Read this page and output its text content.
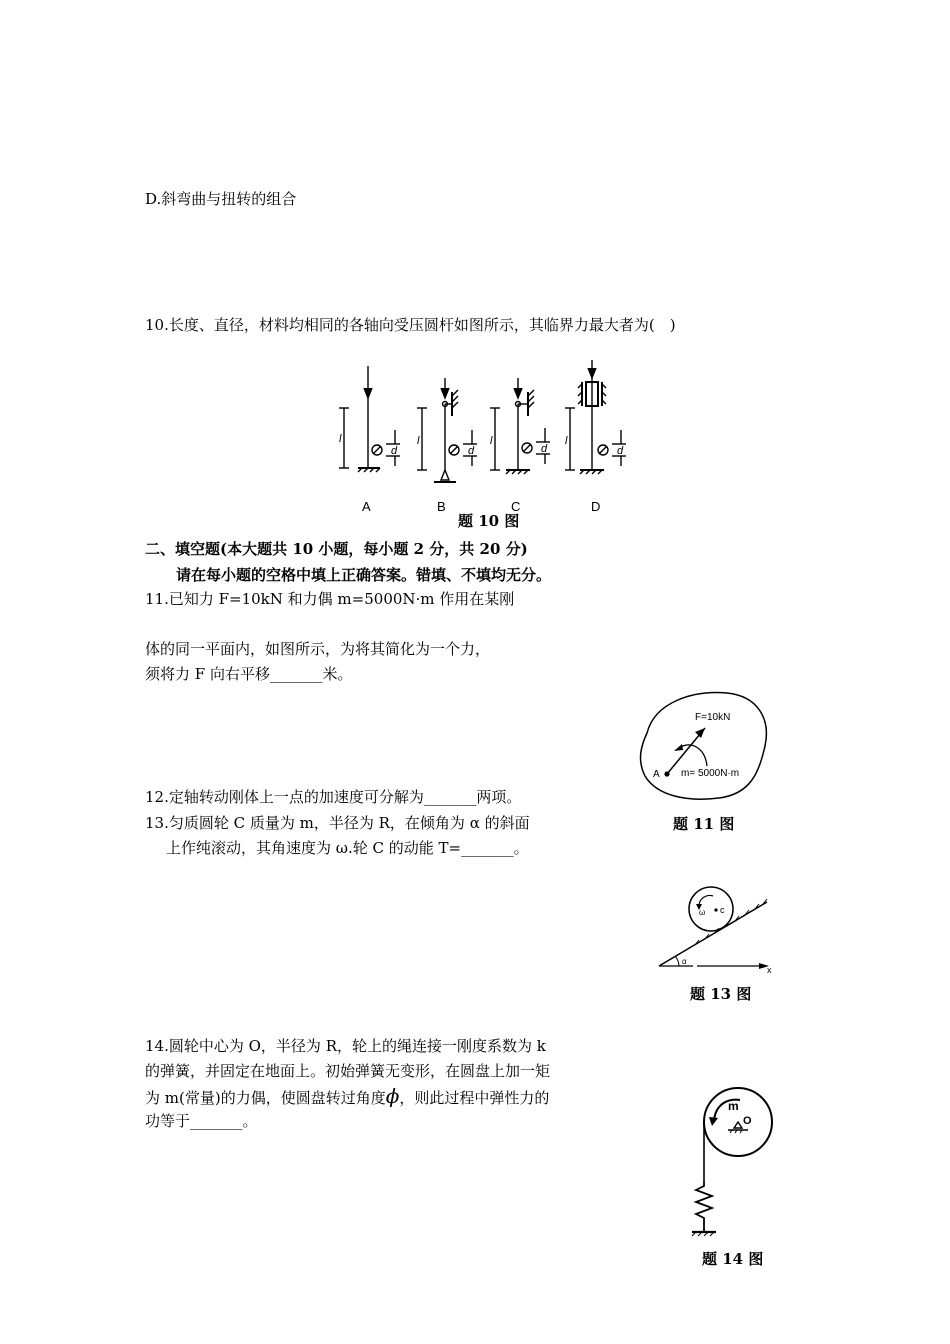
D.斜弯曲与扭转的组合
10.长度、直径，材料均相同的各轴向受压圆杆如图所示，其临界力最大者为(　)
l	l	l	l
d	d	d	d
A	B	C	D
题 10 图
二、填空题(本大题共 10 小题，每小题 2 分，共 20 分)
请在每小题的空格中填上正确答案。错填、不填均无分。
11.已知力 F=10kN 和力偶 m=5000N·m 作用在某刚
体的同一平面内，如图所示，为将其简化为一个力，
须将力 F 向右平移_______米。
F=10kN
A m= 5000N·m
12.定轴转动刚体上一点的加速度可分解为_______两项。
题 11 图
13.匀质圆轮 C 质量为 m，半径为 R，在倾角为 α 的斜面
上作纯滚动，其角速度为 ω.轮 C 的动能 T=_______。
ω c
α
x
题 13 图
14.圆轮中心为 O，半径为 R，轮上的绳连接一刚度系数为 k
的弹簧，并固定在地面上。初始弹簧无变形，在圆盘上加一矩
为 m(常量)的力偶，使圆盘转过角度ϕ，则此过程中弹性力的
功等于_______。
m
O
题 14 图
